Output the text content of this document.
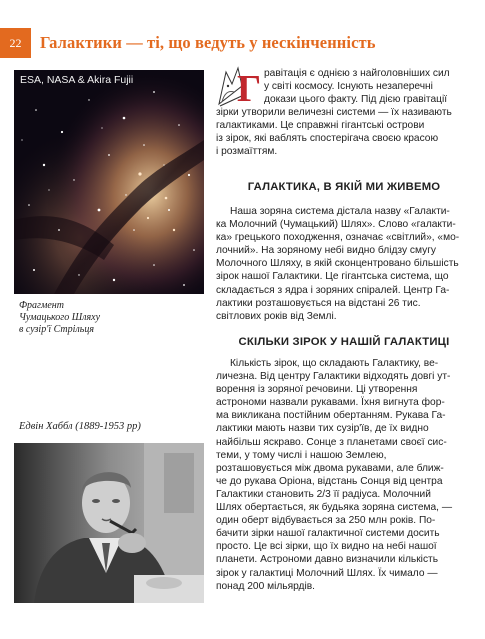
22	Галактики — ті, що ведуть у нескінченність
ESA, NASA & Akira Fujii
Фрагмент
Чумацького Шляху
в сузір'ї Стрільця
Едвін Хаббл (1889-1953 рр)
Г равітація є однією з найголовніших сил
у світі космосу. Існують незаперечні
докази цього факту. Під дією гравітації
зірки утворили величезні системи — їх називають
галактиками. Це справжні гігантські острови
із зірок, які ваблять спостерігача своєю красою
і розмаїттям.
ГАЛАКТИКА, В ЯКІЙ МИ ЖИВЕМО
Наша зоряна система дістала назву «Галакти-
ка Молочний (Чумацький) Шлях». Слово «галакти-
ка» грецького походження, означає «світлий», «мо-
лочний». На зоряному небі видно блідзу смугу
Молочного Шляху, в якій сконцентровано більшість
зірок нашої Галактики. Це гігантська система, що
складається з ядра і зоряних спіралей. Центр Га-
лактики розташовується на відстані 26 тис.
світлових років від Землі.
СКІЛЬКИ ЗІРОК У НАШІЙ ГАЛАКТИЦІ
Кількість зірок, що складають Галактику, ве-
личезна. Від центру Галактики відходять довгі ут-
ворення із зоряної речовини. Ці утворення
астрономи назвали рукавами. Їхня вигнута фор-
ма викликана постійним обертанням. Рукава Га-
лактики мають назви тих сузір'їв, де їх видно
найбільш яскраво. Сонце з планетами своєї сис-
теми, у тому числі і нашою Землею,
розташовується між двома рукавами, але ближ-
че до рукава Оріона, відстань Сонця від центра
Галактики становить 2/3 її радіуса. Молочний
Шлях обертається, як будьяка зоряна система, —
один оберт відбувається за 250 млн років. По-
бачити зірки нашої галактичної системи досить
просто. Це всі зірки, що їх видно на небі нашої
планети. Астрономи давно визначили кількість
зірок у галактиці Молочний Шлях. Їх чимало —
понад 200 мільярдів.
